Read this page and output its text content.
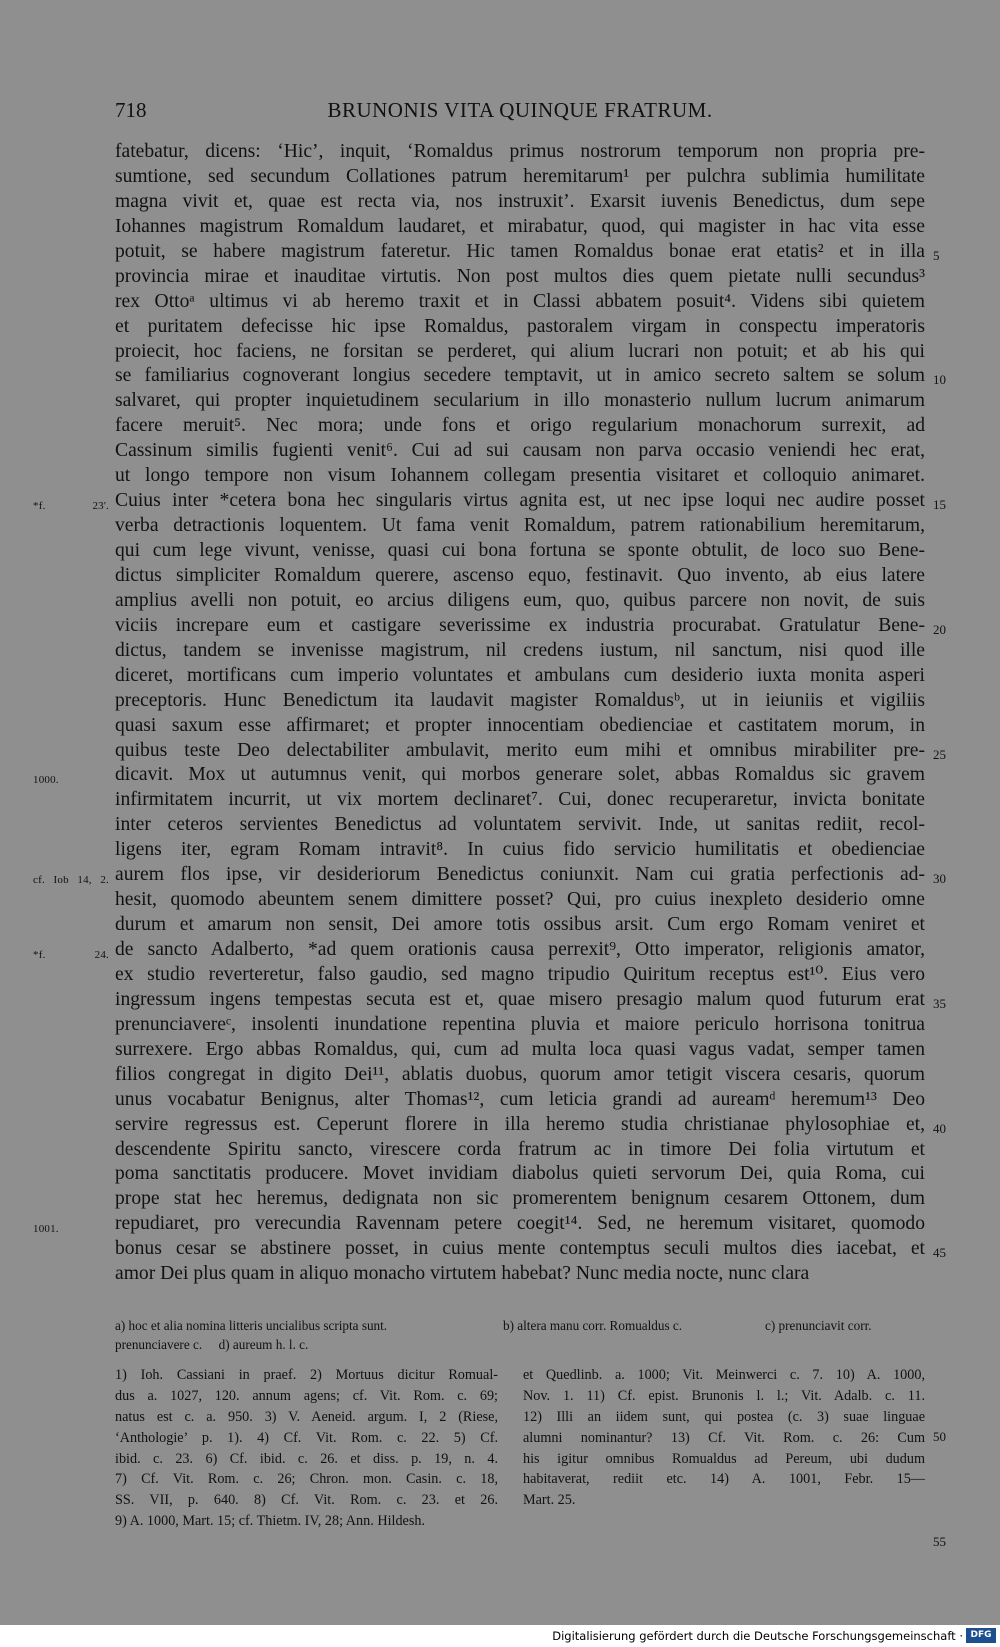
718	BRUNONIS VITA QUINQUE FRATRUM.
fatebatur, dicens: ‘Hic’, inquit, ‘Romaldus primus nostrorum temporum non propria pre-
sumtione, sed secundum Collationes patrum heremitarum¹ per pulchra sublimia humilitate
magna vivit et, quae est recta via, nos instruxit’. Exarsit iuvenis Benedictus, dum sepe
Iohannes magistrum Romaldum laudaret, et mirabatur, quod, qui magister in hac vita esse
potuit, se habere magistrum fateretur. Hic tamen Romaldus bonae erat etatis² et in illa 5
provincia mirae et inauditae virtutis. Non post multos dies quem pietate nulli secundus³
rex Ottoᵃ ultimus vi ab heremo traxit et in Classi abbatem posuit⁴. Videns sibi quietem
et puritatem defecisse hic ipse Romaldus, pastoralem virgam in conspectu imperatoris
proiecit, hoc faciens, ne forsitan se perderet, qui alium lucrari non potuit; et ab his qui
se familiarius cognoverant longius secedere temptavit, ut in amico secreto saltem se solum 10
salvaret, qui propter inquietudinem secularium in illo monasterio nullum lucrum animarum
facere meruit⁵. Nec mora; unde fons et origo regularium monachorum surrexit, ad
Cassinum similis fugienti venit⁶. Cui ad sui causam non parva occasio veniendi hec erat,
ut longo tempore non visum Iohannem collegam presentia visitaret et colloquio animaret.
Cuius inter *cetera bona hec singularis virtus agnita est, ut nec ipse loqui nec audire posset
*f. 23'.	15
verba detractionis loquentem. Ut fama venit Romaldum, patrem rationabilium heremitarum,
qui cum lege vivunt, venisse, quasi cui bona fortuna se sponte obtulit, de loco suo Bene-
dictus simpliciter Romaldum querere, ascenso equo, festinavit. Quo invento, ab eius latere
amplius avelli non potuit, eo arcius diligens eum, quo, quibus parcere non novit, de suis
viciis increpare eum et castigare severissime ex industria procurabat. Gratulatur Bene- 20
dictus, tandem se invenisse magistrum, nil credens iustum, nil sanctum, nisi quod ille
diceret, mortificans cum imperio voluntates et ambulans cum desiderio iuxta monita asperi
preceptoris. Hunc Benedictum ita laudavit magister Romaldusᵇ, ut in ieiuniis et vigiliis
quasi saxum esse affirmaret; et propter innocentiam obedienciae et castitatem morum, in
quibus teste Deo delectabiliter ambulavit, merito eum mihi et omnibus mirabiliter pre- 25
dicavit. Mox ut autumnus venit, qui morbos generare solet, abbas Romaldus sic gravem
1000.
infirmitatem incurrit, ut vix mortem declinaret⁷. Cui, donec recuperaretur, invicta bonitate
inter ceteros servientes Benedictus ad voluntatem servivit. Inde, ut sanitas rediit, recol-
ligens iter, egram Romam intravit⁸. In cuius fido servicio humilitatis et obedienciae
aurem flos ipse, vir desideriorum Benedictus coniunxit. Nam cui gratia perfectionis ad-
cf. Iob 14, 2.	30
hesit, quomodo abeuntem senem dimittere posset? Qui, pro cuius inexpleto desiderio omne
durum et amarum non sensit, Dei amore totis ossibus arsit. Cum ergo Romam veniret et
de sancto Adalberto, *ad quem orationis causa perrexit⁹, Otto imperator, religionis amator,
*f. 24.
ex studio reverteretur, falso gaudio, sed magno tripudio Quiritum receptus est¹⁰. Eius vero
ingressum ingens tempestas secuta est et, quae misero presagio malum quod futurum erat 35
prenunciavereᶜ, insolenti inundatione repentina pluvia et maiore periculo horrisona tonitrua
surrexere. Ergo abbas Romaldus, qui, cum ad multa loca quasi vagus vadat, semper tamen
filios congregat in digito Dei¹¹, ablatis duobus, quorum amor tetigit viscera cesaris, quorum
unus vocabatur Benignus, alter Thomas¹², cum leticia grandi ad aureamᵈ heremum¹³ Deo
servire regressus est. Ceperunt florere in illa heremo studia christianae phylosophiae et, 40
descendente Spiritu sancto, virescere corda fratrum ac in timore Dei folia virtutum et
poma sanctitatis producere. Movet invidiam diabolus quieti servorum Dei, quia Roma, cui
prope stat hec heremus, dedignata non sic promerentem benignum cesarem Ottonem, dum
repudiaret, pro verecundia Ravennam petere coegit¹⁴. Sed, ne heremum visitaret, quomodo
1001.
bonus cesar se abstinere posset, in cuius mente contemptus seculi multos dies iacebat, et 45
amor Dei plus quam in aliquo monacho virtutem habebat? Nunc media nocte, nunc clara
a) hoc et alia nomina litteris uncialibus scripta sunt.	b) altera manu corr. Romualdus c.	c) prenunciavit corr.
prenunciavere c.     d) aureum h. l. c.
1) Ioh. Cassiani in praef. 2) Mortuus dicitur Romual-
dus a. 1027, 120. annum agens; cf. Vit. Rom. c. 69;
natus est c. a. 950. 3) V. Aeneid. argum. I, 2 (Riese,
‘Anthologie’ p. 1). 4) Cf. Vit. Rom. c. 22. 5) Cf.
ibid. c. 23. 6) Cf. ibid. c. 26. et diss. p. 19, n. 4.
7) Cf. Vit. Rom. c. 26; Chron. mon. Casin. c. 18,
SS. VII, p. 640. 8) Cf. Vit. Rom. c. 23. et 26.
9) A. 1000, Mart. 15; cf. Thietm. IV, 28; Ann. Hildesh.
et Quedlinb. a. 1000; Vit. Meinwerci c. 7. 10) A. 1000,
Nov. 1. 11) Cf. epist. Brunonis l. l.; Vit. Adalb. c. 11.
12) Illi an iidem sunt, qui postea (c. 3) suae linguae
alumni nominantur? 13) Cf. Vit. Rom. c. 26: Cum
his igitur omnibus Romualdus ad Pereum, ubi dudum
habitaverat, rediit etc. 14) A. 1001, Febr. 15—
Mart. 25.
50
55
Digitalisierung gefördert durch die Deutsche Forschungsgemeinschaft · DFG
